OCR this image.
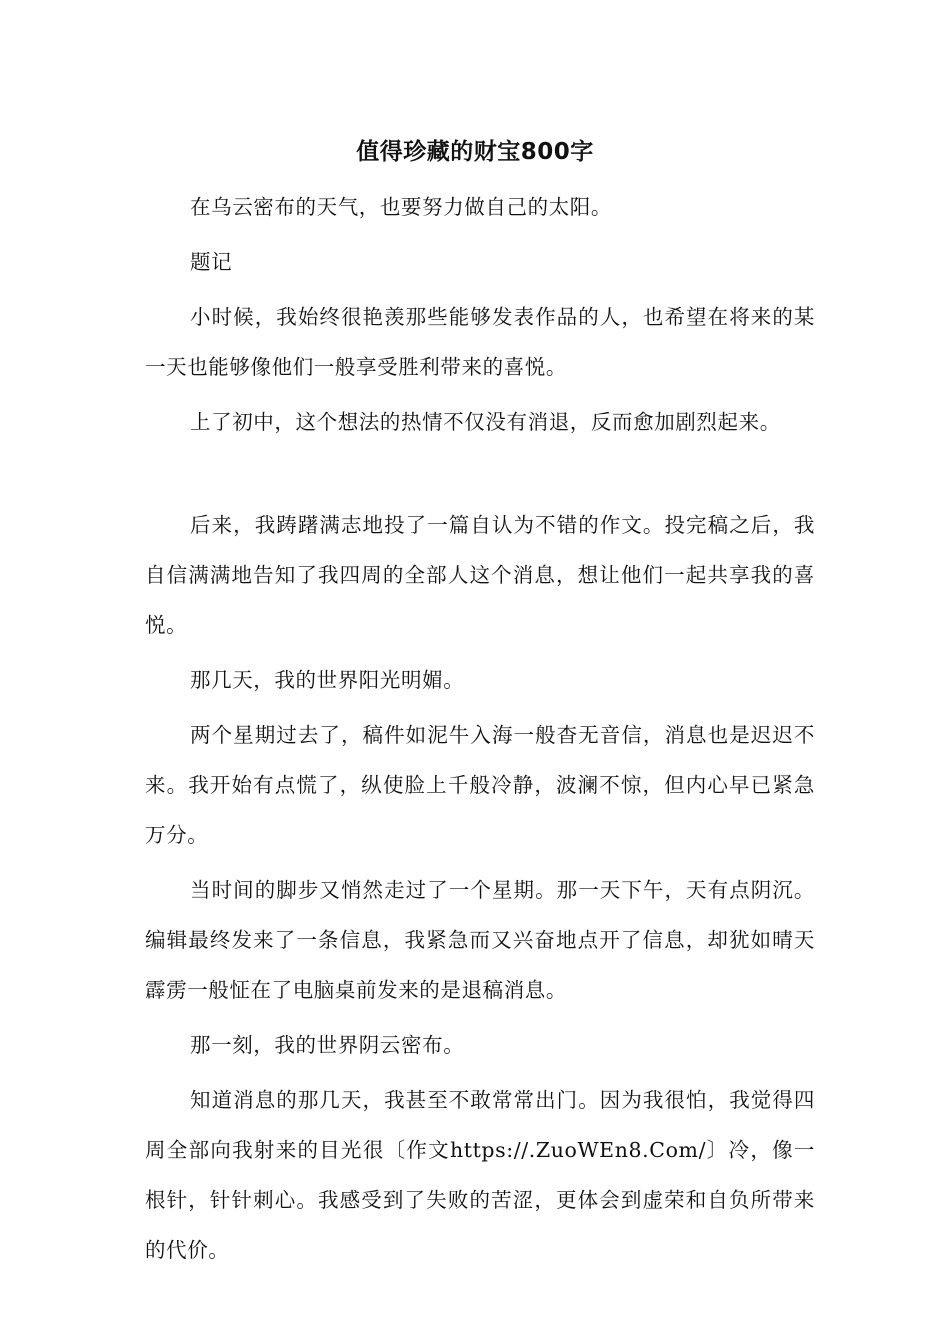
值得珍藏的财宝800字

在乌云密布的天气，也要努力做自己的太阳。

题记

小时候，我始终很艳羡那些能够发表作品的人，也希望在将来的某一天也能够像他们一般享受胜利带来的喜悦。

上了初中，这个想法的热情不仅没有消退，反而愈加剧烈起来。

后来，我踌躇满志地投了一篇自认为不错的作文。投完稿之后，我自信满满地告知了我四周的全部人这个消息，想让他们一起共享我的喜悦。

那几天，我的世界阳光明媚。

两个星期过去了，稿件如泥牛入海一般杳无音信，消息也是迟迟不来。我开始有点慌了，纵使脸上千般冷静，波澜不惊，但内心早已紧急万分。

当时间的脚步又悄然走过了一个星期。那一天下午，天有点阴沉。编辑最终发来了一条信息，我紧急而又兴奋地点开了信息，却犹如晴天霹雳一般怔在了电脑桌前发来的是退稿消息。

那一刻，我的世界阴云密布。

知道消息的那几天，我甚至不敢常常出门。因为我很怕，我觉得四周全部向我射来的目光很〔作文https://.ZuoWEn8.Com/〕冷，像一根针，针针刺心。我感受到了失败的苦涩，更体会到虚荣和自负所带来的代价。
